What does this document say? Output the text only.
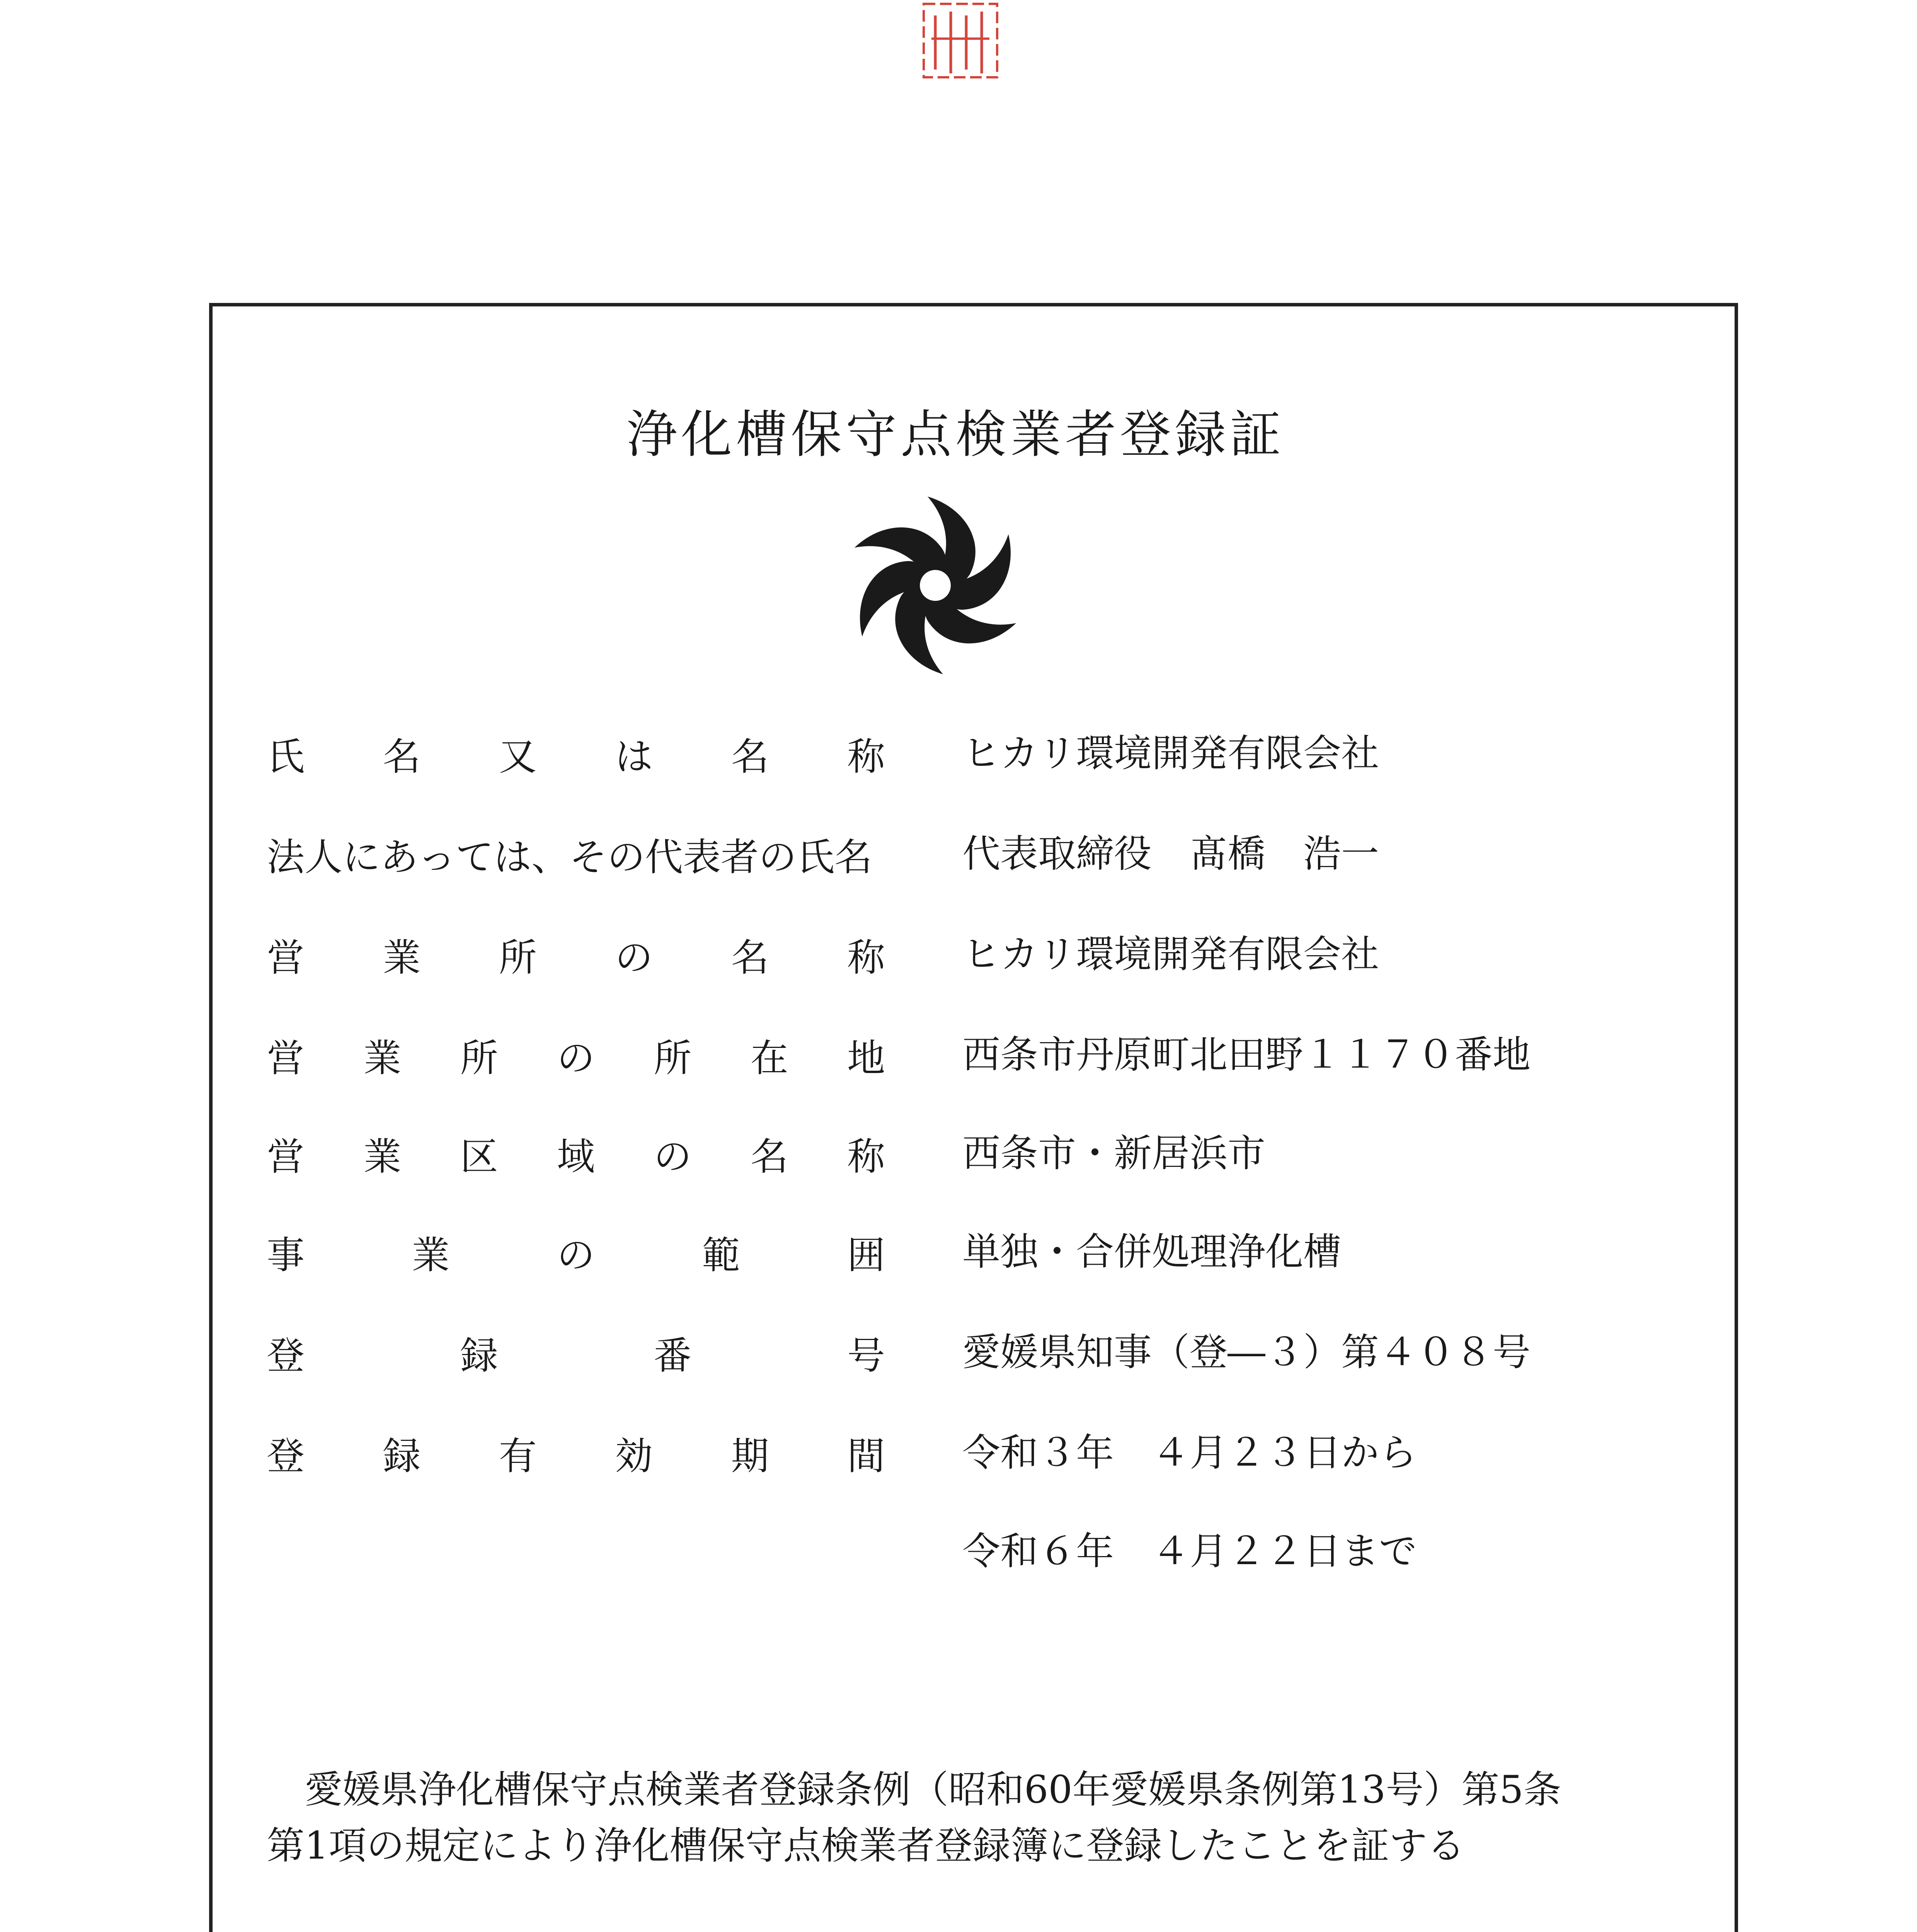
浄化槽保守点検業者登録証
氏 名 又 は 名 称 ヒカリ環境開発有限会社
法人にあっては、その代表者の氏名 代表取締役　髙橋　浩一
営 業 所 の 名 称 ヒカリ環境開発有限会社
営 業 所 の 所 在 地 西条市丹原町北田野１１７０番地
営 業 区 域 の 名 称 西条市・新居浜市
事	業	の	範	囲 単独・合併処理浄化槽
登	録	番	号 愛媛県知事（登―３）第４０８号
登 録 有 効 期 間 令和３年　４月２３日から
令和６年　４月２２日まで
　愛媛県浄化槽保守点検業者登録条例（昭和60年愛媛県条例第13号）第5条
第1項の規定により浄化槽保守点検業者登録簿に登録したことを証する
